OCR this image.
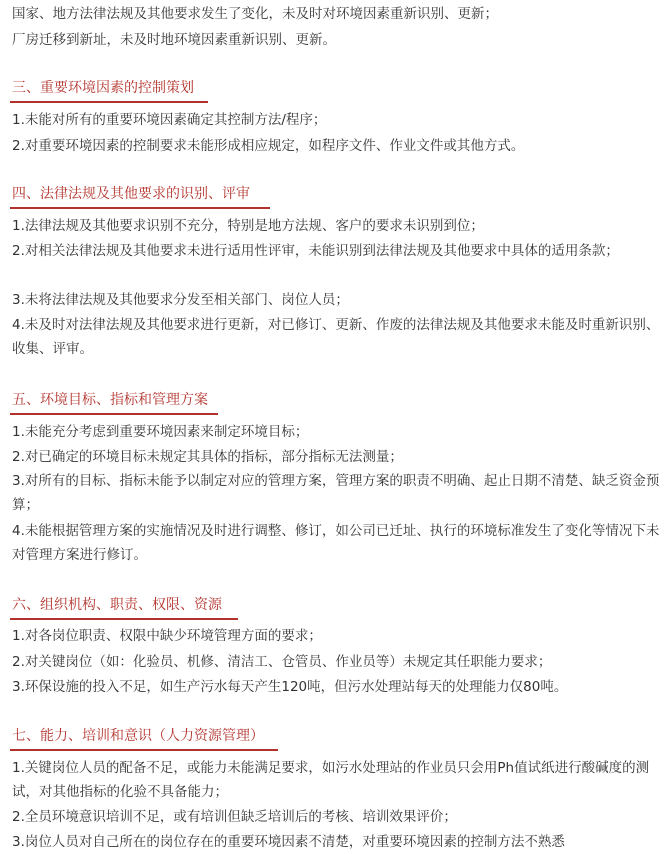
国家、地方法律法规及其他要求发生了变化，未及时对环境因素重新识别、更新；
厂房迁移到新址，未及时地环境因素重新识别、更新。
三、重要环境因素的控制策划
1.未能对所有的重要环境因素确定其控制方法/程序；
2.对重要环境因素的控制要求未能形成相应规定，如程序文件、作业文件或其他方式。
四、法律法规及其他要求的识别、评审
1.法律法规及其他要求识别不充分，特别是地方法规、客户的要求未识别到位；
2.对相关法律法规及其他要求未进行适用性评审，未能识别到法律法规及其他要求中具体的适用条款；
3.未将法律法规及其他要求分发至相关部门、岗位人员；
4.未及时对法律法规及其他要求进行更新，对已修订、更新、作废的法律法规及其他要求未能及时重新识别、收集、评审。
五、环境目标、指标和管理方案
1.未能充分考虑到重要环境因素来制定环境目标；
2.对已确定的环境目标未规定其具体的指标，部分指标无法测量；
3.对所有的目标、指标未能予以制定对应的管理方案，管理方案的职责不明确、起止日期不清楚、缺乏资金预算；
4.未能根据管理方案的实施情况及时进行调整、修订，如公司已迁址、执行的环境标准发生了变化等情况下未对管理方案进行修订。
六、组织机构、职责、权限、资源
1.对各岗位职责、权限中缺少环境管理方面的要求；
2.对关键岗位（如：化验员、机修、清洁工、仓管员、作业员等）未规定其任职能力要求；
3.环保设施的投入不足，如生产污水每天产生120吨，但污水处理站每天的处理能力仅80吨。
七、能力、培训和意识（人力资源管理）
1.关键岗位人员的配备不足，或能力未能满足要求，如污水处理站的作业员只会用Ph值试纸进行酸碱度的测试，对其他指标的化验不具备能力；
2.全员环境意识培训不足，或有培训但缺乏培训后的考核、培训效果评价；
3.岗位人员对自己所在的岗位存在的重要环境因素不清楚，对重要环境因素的控制方法不熟悉
